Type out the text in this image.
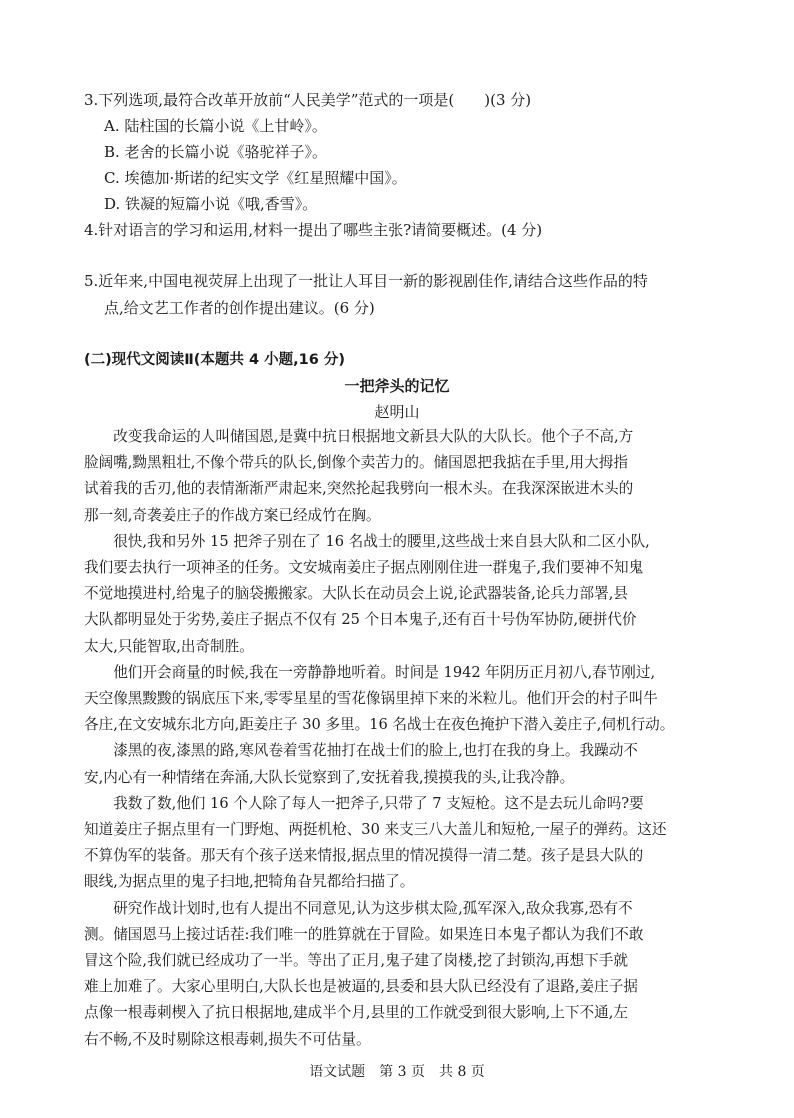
3.下列选项,最符合改革开放前“人民美学”范式的一项是(　　)(3 分)
A. 陆柱国的长篇小说《上甘岭》。
B. 老舍的长篇小说《骆驼祥子》。
C. 埃德加·斯诺的纪实文学《红星照耀中国》。
D. 铁凝的短篇小说《哦,香雪》。
4.针对语言的学习和运用,材料一提出了哪些主张?请简要概述。(4 分)
5.近年来,中国电视荧屏上出现了一批让人耳目一新的影视剧佳作,请结合这些作品的特
点,给文艺工作者的创作提出建议。(6 分)
(二)现代文阅读Ⅱ(本题共 4 小题,16 分)
一把斧头的记忆
赵明山
　　改变我命运的人叫储国恩,是冀中抗日根据地文新县大队的大队长。他个子不高,方
脸阔嘴,黝黑粗壮,不像个带兵的队长,倒像个卖苦力的。储国恩把我掂在手里,用大拇指
试着我的舌刃,他的表情渐渐严肃起来,突然抡起我劈向一根木头。在我深深嵌进木头的
那一刻,奇袭姜庄子的作战方案已经成竹在胸。
　　很快,我和另外 15 把斧子别在了 16 名战士的腰里,这些战士来自县大队和二区小队,
我们要去执行一项神圣的任务。文安城南姜庄子据点刚刚住进一群鬼子,我们要神不知鬼
不觉地摸进村,给鬼子的脑袋搬搬家。大队长在动员会上说,论武器装备,论兵力部署,县
大队都明显处于劣势,姜庄子据点不仅有 25 个日本鬼子,还有百十号伪军协防,硬拼代价
太大,只能智取,出奇制胜。
　　他们开会商量的时候,我在一旁静静地听着。时间是 1942 年阴历正月初八,春节刚过,
天空像黑黢黢的锅底压下来,零零星星的雪花像锅里掉下来的米粒儿。他们开会的村子叫牛
各庄,在文安城东北方向,距姜庄子 30 多里。16 名战士在夜色掩护下潜入姜庄子,伺机行动。
　　漆黑的夜,漆黑的路,寒风卷着雪花抽打在战士们的脸上,也打在我的身上。我躁动不
安,内心有一种情绪在奔涌,大队长觉察到了,安抚着我,摸摸我的头,让我冷静。
　　我数了数,他们 16 个人除了每人一把斧子,只带了 7 支短枪。这不是去玩儿命吗?要
知道姜庄子据点里有一门野炮、两挺机枪、30 来支三八大盖儿和短枪,一屋子的弹药。这还
不算伪军的装备。那天有个孩子送来情报,据点里的情况摸得一清二楚。孩子是县大队的
眼线,为据点里的鬼子扫地,把犄角旮旯都给扫描了。
　　研究作战计划时,也有人提出不同意见,认为这步棋太险,孤军深入,敌众我寡,恐有不
测。储国恩马上接过话茬:我们唯一的胜算就在于冒险。如果连日本鬼子都认为我们不敢
冒这个险,我们就已经成功了一半。等出了正月,鬼子建了岗楼,挖了封锁沟,再想下手就
难上加难了。大家心里明白,大队长也是被逼的,县委和县大队已经没有了退路,姜庄子据
点像一根毒刺楔入了抗日根据地,建成半个月,县里的工作就受到很大影响,上下不通,左
右不畅,不及时剔除这根毒刺,损失不可估量。
语文试题　第 3 页　共 8 页
